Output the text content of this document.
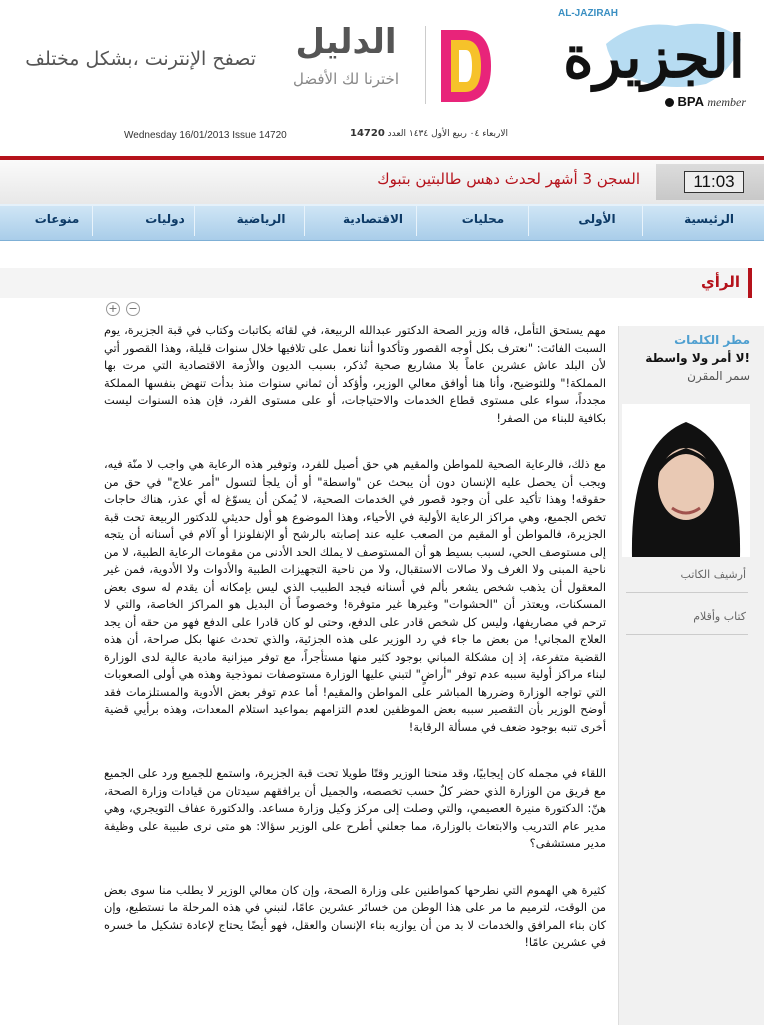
AL-JAZIRAH
الجزيرة
BPA member
الدليل
اخترنا لك الأفضل
تصفح الإنترنت ،بشكل مختلف
Wednesday 16/01/2013 Issue 14720	الاربعاء ٠٤ ربيع الأول ١٤٣٤ العدد 14720
11:03
السجن 3 أشهر لحدث دهس طالبتين بتبوك
الرئيسية
الأولى
محليات
الاقتصادية
الرياضية
دوليات
منوعات
الرأي
+ −

مهم يستحق التأمل، قاله وزير الصحة الدكتور عبدالله الربيعة، في لقائه بكاتبات وكتاب في قبة الجزيرة، يوم السبت الفائت: "نعترف بكل أوجه القصور وتأكدوا أننا نعمل على تلافيها خلال سنوات قليلة، وهذا القصور أتي لأن البلد عاش عشرين عاماً بلا مشاريع صحية تُذكر، بسبب الديون والأزمة الاقتصادية التي مرت بها المملكة!" وللتوضيح، وأنا هنا أوافق معالي الوزير، وأؤكد أن ثماني سنوات منذ بدأت تنهض بنفسها المملكة مجدداً، سواء على مستوى قطاع الخدمات والاحتياجات، أو على مستوى الفرد، فإن هذه السنوات ليست بكافية للبناء من الصفر!

مع ذلك، فالرعاية الصحية للمواطن والمقيم هي حق أصيل للفرد، وتوفير هذه الرعاية هي واجب لا منّة فيه، ويجب أن يحصل عليه الإنسان دون أن يبحث عن "واسطة" أو أن يلجأ لتسول "أمر علاج" في حق من حقوقه! وهذا تأكيد على أن وجود قصور في الخدمات الصحية، لا يُمكن أن يسوّغ له أي عذر، هناك حاجات تخص الجميع، وهي مراكز الرعاية الأولية في الأحياء، وهذا الموضوع هو أول حديثي للدكتور الربيعة تحت قبة الجزيرة، فالمواطن أو المقيم من الصعب عليه عند إصابته بالرشح أو الإنفلونزا أو آلام في أسنانه أن يتجه إلى مستوصف الحي، لسبب بسيط هو أن المستوصف لا يملك الحد الأدنى من مقومات الرعاية الطبية، لا من ناحية المبنى ولا الغرف ولا صالات الاستقبال، ولا من ناحية التجهيزات الطبية والأدوات ولا الأدوية، فمن غير المعقول أن يذهب شخص يشعر بألم في أسنانه فيجد الطبيب الذي ليس بإمكانه أن يقدم له سوى بعض المسكنات، ويعتذر أن "الحشوات" وغيرها غير متوفرة! وخصوصاً أن البديل هو المراكز الخاصة، والتي لا ترحم في مصاريفها، وليس كل شخص قادر على الدفع، وحتى لو كان قادرا على الدفع فهو من حقه أن يجد العلاج المجاني! من بعض ما جاء في رد الوزير على هذه الجزئية، والذي تحدث عنها بكل صراحة، أن هذه القضية متفرعة، إذ إن مشكلة المباني بوجود كثير منها مستأجراً، مع توفر ميزانية مادية عالية لدى الوزارة لبناء مراكز أولية سببه عدم توفر "أراضٍ" لتبني عليها الوزارة مستوصفات نموذجية وهذه هي أولى الصعوبات التي تواجه الوزارة وضررها المباشر على المواطن والمقيم! أما عدم توفر بعض الأدوية والمستلزمات فقد أوضح الوزير بأن التقصير سببه بعض الموظفين لعدم التزامهم بمواعيد استلام المعدات، وهذه برأيي قضية أخرى تنبه بوجود ضعف في مسألة الرقابة!

اللقاء في مجمله كان إيجابيًا، وقد منحنا الوزير وقتًا طويلا تحت قبة الجزيرة، واستمع للجميع ورد على الجميع مع فريق من الوزارة الذي حضر كلٌ حسب تخصصه، والجميل أن يرافقهم سيدتان من قيادات وزارة الصحة، هنّ: الدكتورة منيرة العصيمي، والتي وصلت إلى مركز وكيل وزارة مساعد. والدكتورة عفاف التويجري، وهي مدير عام التدريب والابتعاث بالوزارة، مما جعلني أطرح على الوزير سؤالا: هو متى نرى طبيبة على وظيفة مدير مستشفى؟

كثيرة هي الهموم التي نطرحها كمواطنين على وزارة الصحة، وإن كان معالي الوزير لا يطلب منا سوى بعض من الوقت، لترميم ما مر على هذا الوطن من خسائر عشرين عامًا، لنبني في هذه المرحلة ما نستطيع، وإن كان بناء المرافق والخدمات لا بد من أن يوازيه بناء الإنسان والعقل، فهو أيضًا يحتاج لإعادة تشكيل ما خسره في عشرين عامًا!

مطر الكلمات
لا أمر ولا واسطة!
سمر المقرن
أرشيف الكاتب
كتاب وأقلام
